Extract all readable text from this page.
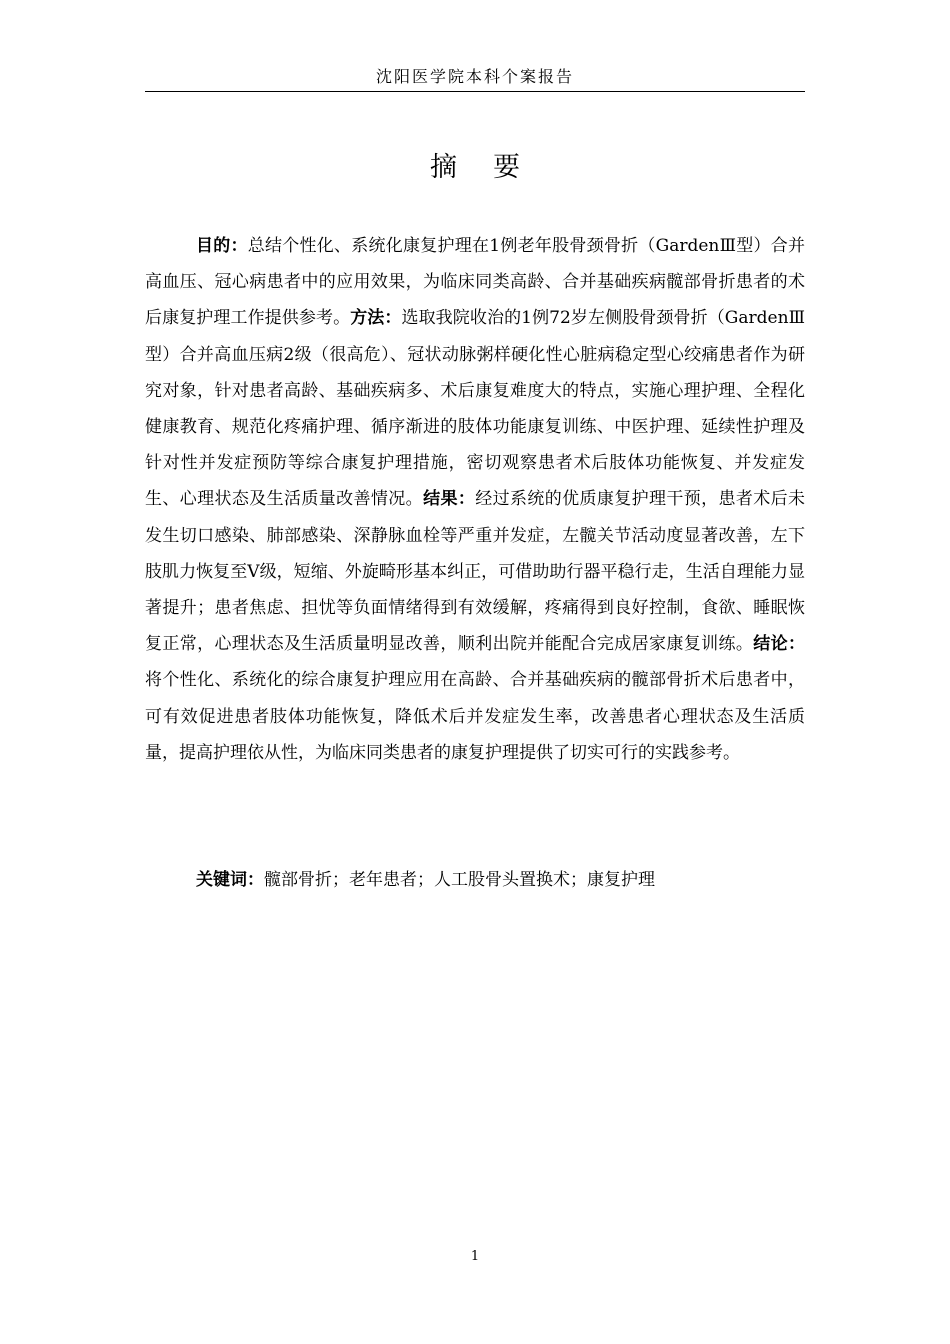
沈阳医学院本科个案报告
摘要

目的：总结个性化、系统化康复护理在1例老年股骨颈骨折（GardenⅢ型）合并高血压、冠心病患者中的应用效果，为临床同类高龄、合并基础疾病髋部骨折患者的术后康复护理工作提供参考。方法：选取我院收治的1例72岁左侧股骨颈骨折（GardenⅢ型）合并高血压病2级（很高危）、冠状动脉粥样硬化性心脏病稳定型心绞痛患者作为研究对象，针对患者高龄、基础疾病多、术后康复难度大的特点，实施心理护理、全程化健康教育、规范化疼痛护理、循序渐进的肢体功能康复训练、中医护理、延续性护理及针对性并发症预防等综合康复护理措施，密切观察患者术后肢体功能恢复、并发症发生、心理状态及生活质量改善情况。结果：经过系统的优质康复护理干预，患者术后未发生切口感染、肺部感染、深静脉血栓等严重并发症，左髋关节活动度显著改善，左下肢肌力恢复至Ⅴ级，短缩、外旋畸形基本纠正，可借助助行器平稳行走，生活自理能力显著提升；患者焦虑、担忧等负面情绪得到有效缓解，疼痛得到良好控制，食欲、睡眠恢复正常，心理状态及生活质量明显改善，顺利出院并能配合完成居家康复训练。结论：将个性化、系统化的综合康复护理应用在高龄、合并基础疾病的髋部骨折术后患者中，可有效促进患者肢体功能恢复，降低术后并发症发生率，改善患者心理状态及生活质量，提高护理依从性，为临床同类患者的康复护理提供了切实可行的实践参考。

关键词：髋部骨折；老年患者；人工股骨头置换术；康复护理

1
